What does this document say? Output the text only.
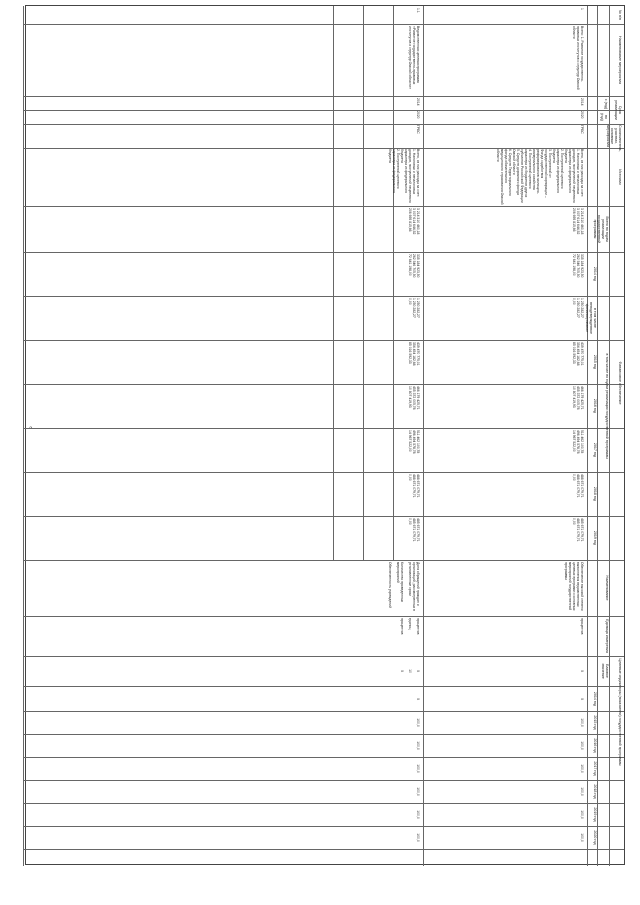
6
№ п/п
Наименование мероприятия
Срок реализации
с (год)
по (год)
Соисполнитель, участник, основные мероприятия
Источник
Финансовое обеспечение
Всего по годам реализации государственной программы
в том числе по годам реализации государственной программы
2014 год
в том числе неподтвержденное финансирование
2015 год
2016 год
2017 год
2018 год
2019 год
Целевые индикаторы (показатели) государственной программы
Наименование
Единица измерения
Базовое значение
2014 год
2015 год
2016 год
2017 год
2018 год
2019 год
2020 год
1
Всего: 1. Развитие государственно-правовых институтов и структур Омской области
2014
2020
ГРБС
Всего, из них расходы за счет:
1. Налоговых и неналоговых доходов, поступлений нецелевого характера из федерального бюджета
2. Поступлений целевого характера из федерального бюджета
3. Поступлений от государственной корпорации – Фонда содействия реформированию жилищно-коммунального хозяйства
4. Поступлений целевого характера из бюджетов других субъектов Российской Федерации
5. Средств дорожного фонда Омской области
6. Средств Территориального фонда обязательного медицинского страхования Омской области
3 214 310 460,18
3 007 614 644,52
206 695 815,66
335 184 923,50
262 546 705,50
72 641 198,00
1 250 282,27
1 250 282,27
0,00
439 470 775,01
354 454 182,68
85 016 592,33
466 179 425,71
455 372 005,78
10 807 419,93
511 462 100,78
496 494 578,78
14 967 522,00
488 671 079,71
488 671 079,71
0,00
485 671 079,71
485 671 079,71
0,00
Обеспечение высокой степени выполнения ведомственных целевых программ и основных мероприятий государственной программы
процентов
X
X
100,0
100,0
100,0
100,0
100,0
100,0
1.1
Ведомственная целевая программа «Развитие государственно-правовых институтов и структур Омской области»
2014
2020
ГРБС
Всего, из них расходы за счет:
1. Налоговых и неналоговых доходов, поступлений нецелевого характера из федерального бюджета
2. Поступлений целевого характера из федерального бюджета
3 214 310 460,18
3 007 614 644,52
206 695 815,66
335 184 923,50
262 546 705,50
72 641 198,00
1 250 282,27
1 250 282,27
0,00
439 470 775,01
354 454 182,68
85 016 592,33
466 179 425,71
455 372 005,78
10 807 419,93
511 462 100,78
496 494 578,78
14 967 522,00
488 671 079,71
488 671 079,71
0,00
485 671 079,71
485 671 079,71
0,00
Доля обращений граждан и организаций, рассмотренных в установленные сроки

Количество проведенных мероприятий

Обеспеченность учреждений
процентов

единиц

процентов
X

10

X
X
100,0
100,0
100,0
100,0
100,0
100,0
